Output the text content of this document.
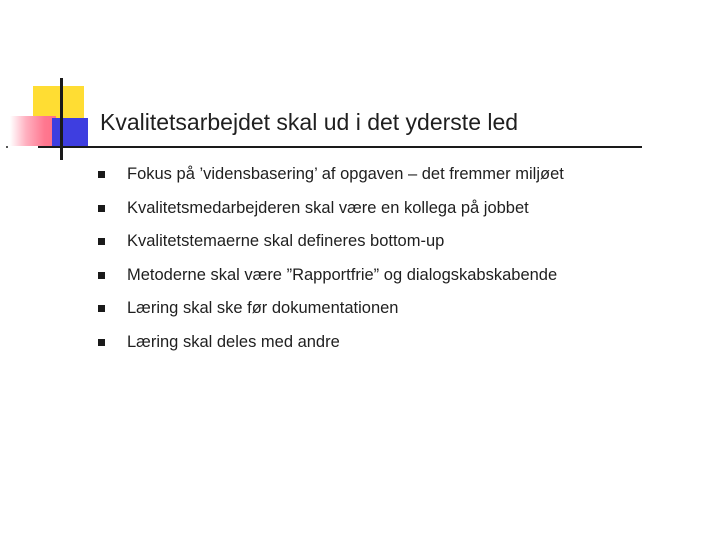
Kvalitetsarbejdet skal ud i det yderste led
Fokus på ’vidensbasering’ af opgaven – det fremmer miljøet
Kvalitetsmedarbejderen skal være en kollega på jobbet
Kvalitetstemaerne skal defineres bottom-up
Metoderne skal være ”Rapportfrie” og dialogskabskabende
Læring skal ske før dokumentationen
Læring skal deles med andre
